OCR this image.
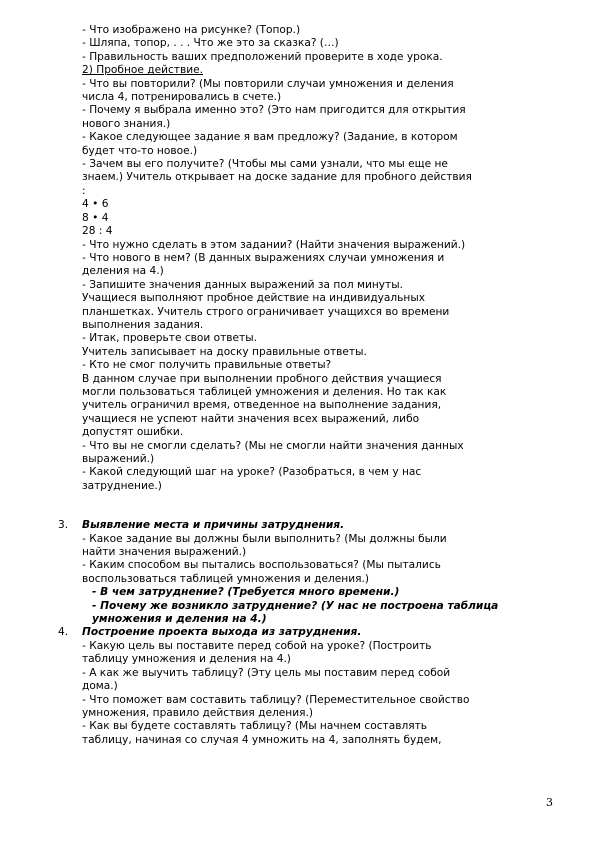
- Что изображено на рисунке? (Топор.)
- Шляпа, топор, . . . Что же это за сказка? (…)
- Правильность ваших предположений проверите в ходе урока.
2) Пробное действие.
- Что вы повторили? (Мы повторили случаи умножения и деления
числа 4, потренировались в счете.)
- Почему я выбрала именно это? (Это нам пригодится для открытия
нового знания.)
- Какое следующее задание я вам предложу? (Задание, в котором
будет что-то новое.)
- Зачем вы его получите? (Чтобы мы сами узнали, что мы еще не
знаем.) Учитель открывает на доске задание для пробного действия
:
4 • 6
8 • 4
28 : 4
- Что нужно сделать в этом задании? (Найти значения выражений.)
- Что нового в нем? (В данных выражениях случаи умножения и
деления на 4.)
- Запишите значения данных выражений за пол минуты.
Учащиеся выполняют пробное действие на индивидуальных
планшетках. Учитель строго ограничивает учащихся во времени
выполнения задания.
- Итак, проверьте свои ответы.
Учитель записывает на доску правильные ответы.
- Кто не смог получить правильные ответы?
В данном случае при выполнении пробного действия учащиеся
могли пользоваться таблицей умножения и деления. Но так как
учитель ограничил время, отведенное на выполнение задания,
учащиеся не успеют найти значения всех выражений, либо
допустят ошибки.
- Что вы не смогли сделать? (Мы не смогли найти значения данных
выражений.)
- Какой следующий шаг на уроке? (Разобраться, в чем у нас
затруднение.)
3. Выявление места и причины затруднения.
- Какое задание вы должны были выполнить? (Мы должны были
найти значения выражений.)
- Каким способом вы пытались воспользоваться? (Мы пытались
воспользоваться таблицей умножения и деления.)
- В чем затруднение? (Требуется много времени.)
- Почему же возникло затруднение? (У нас не построена таблица
умножения и деления на 4.)
4. Построение проекта выхода из затруднения.
- Какую цель вы поставите перед собой на уроке? (Построить
таблицу умножения и деления на 4.)
- А как же выучить таблицу? (Эту цель мы поставим перед собой
дома.)
- Что поможет вам составить таблицу? (Переместительное свойство
умножения, правило действия деления.)
- Как вы будете составлять таблицу? (Мы начнем составлять
таблицу, начиная со случая 4 умножить на 4, заполнять будем,
3
